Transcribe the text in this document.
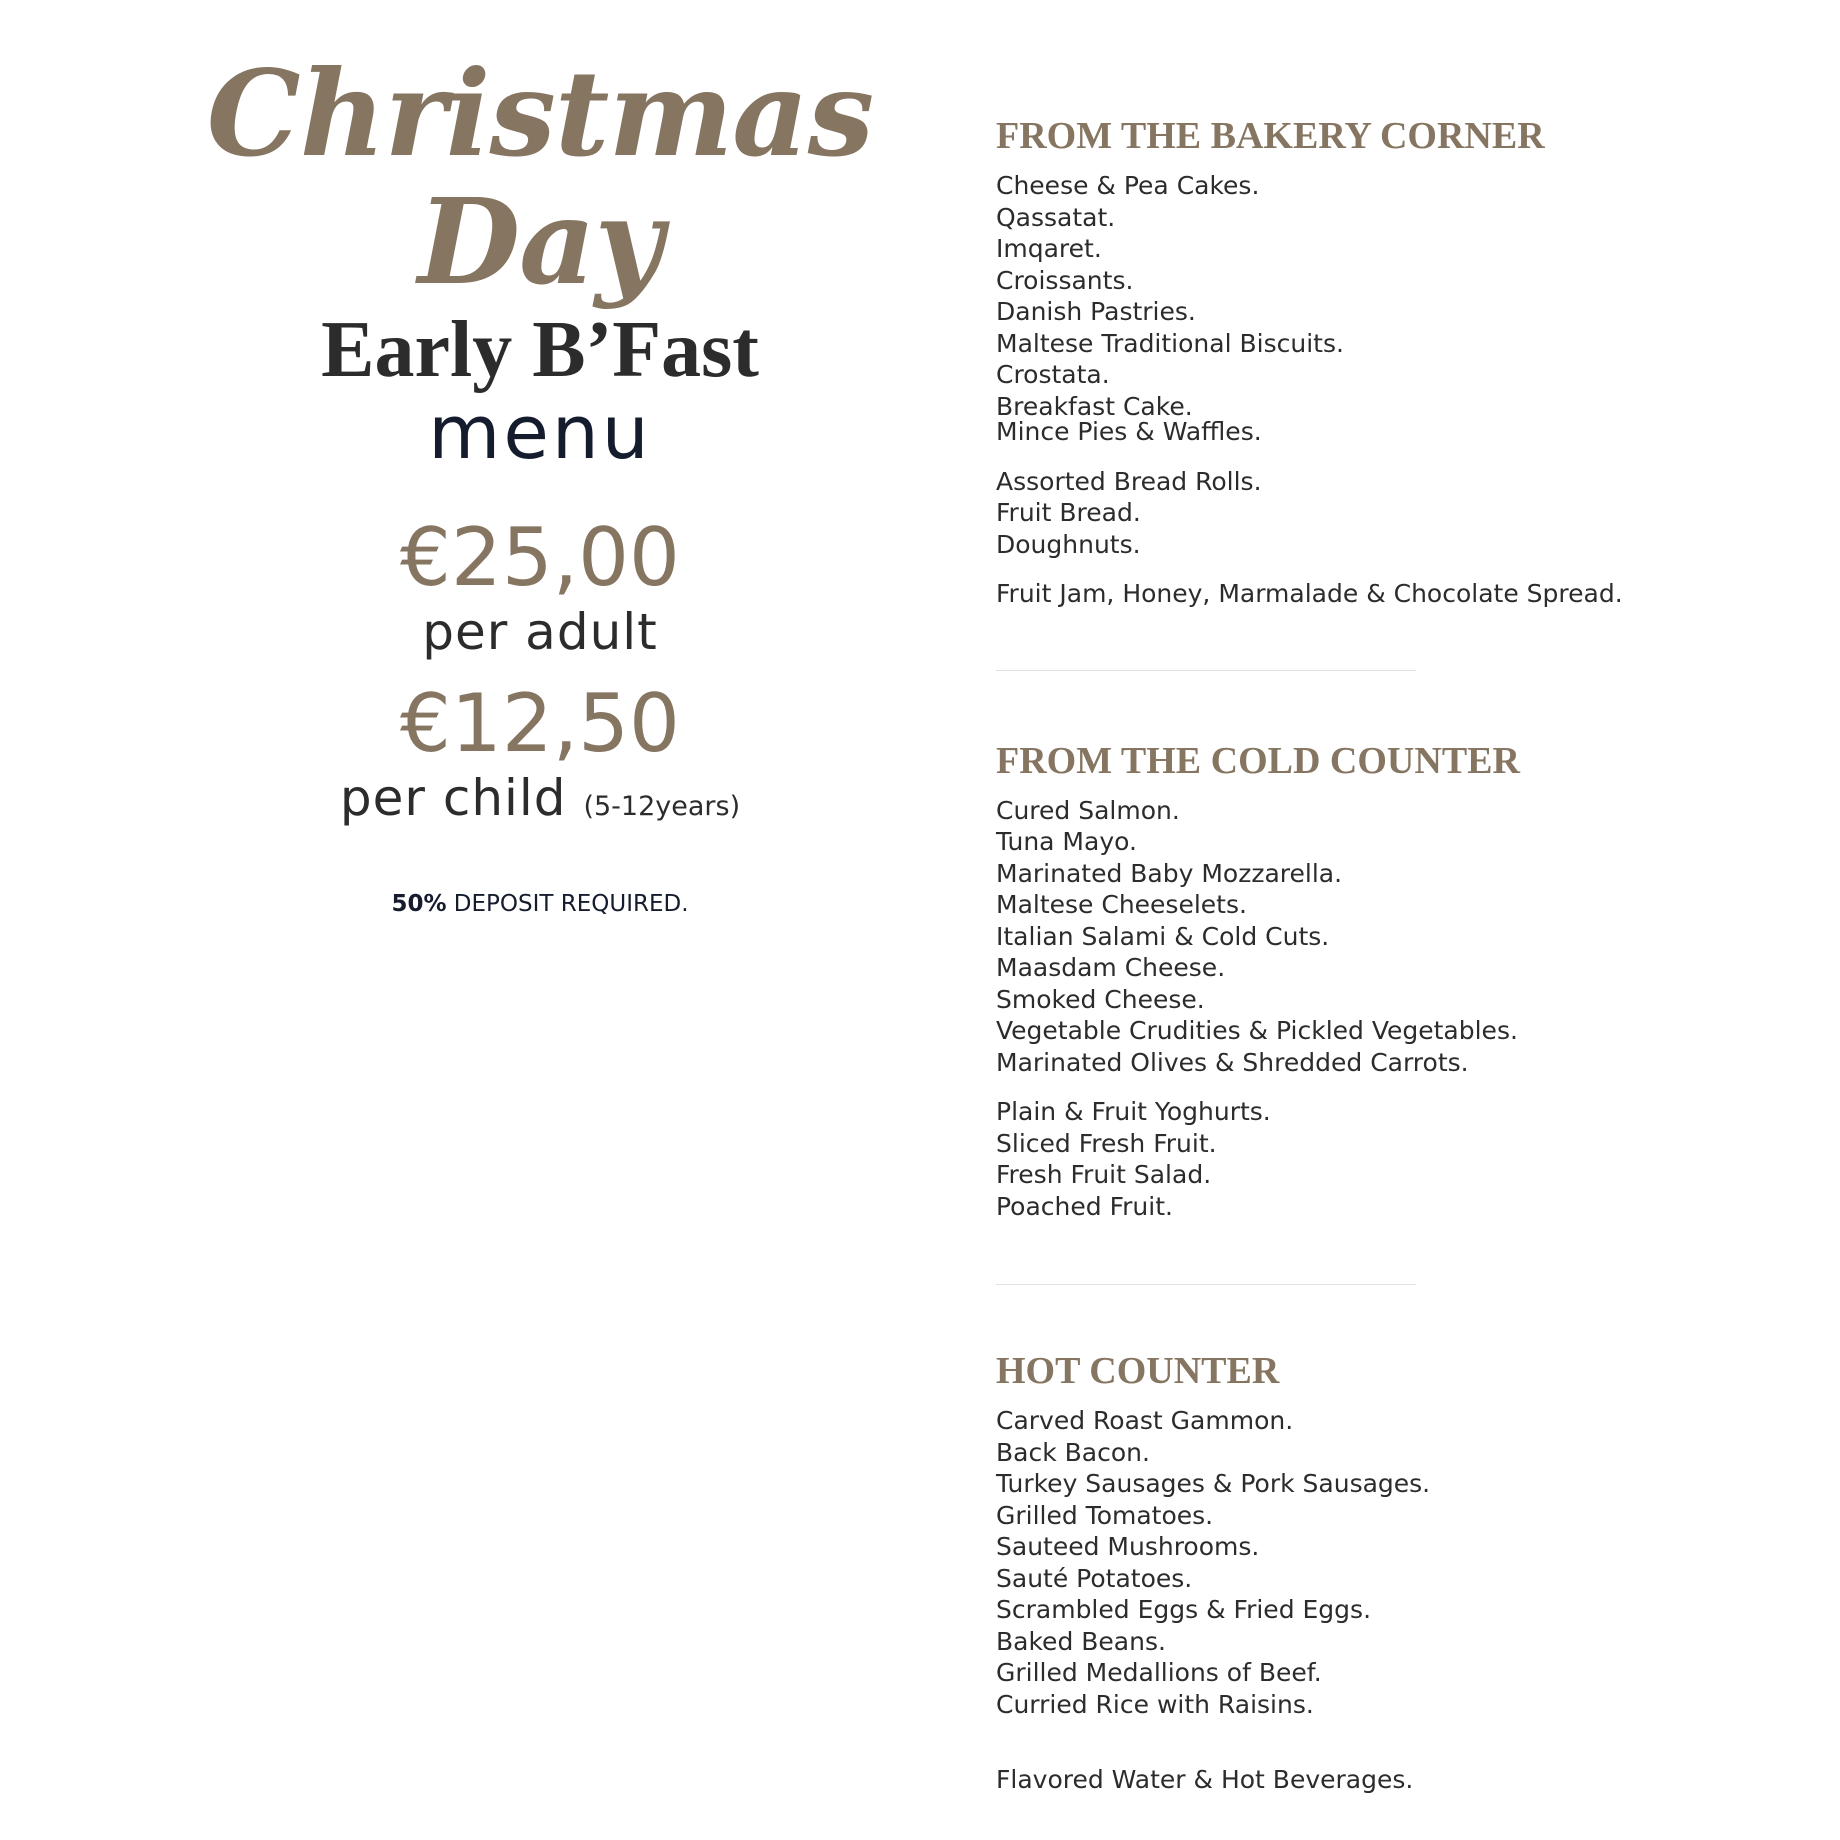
Christmas
Day
Early B’Fast
menu
€25,00
per adult
€12,50
per child (5-12years)
50% DEPOSIT REQUIRED.
FROM THE BAKERY CORNER
Cheese & Pea Cakes.
Qassatat.
Imqaret.
Croissants.
Danish Pastries.
Maltese Traditional Biscuits.
Crostata.
Breakfast Cake.
Mince Pies & Waffles.
Assorted Bread Rolls.
Fruit Bread.
Doughnuts.
Fruit Jam, Honey, Marmalade & Chocolate Spread.
FROM THE COLD COUNTER
Cured Salmon.
Tuna Mayo.
Marinated Baby Mozzarella.
Maltese Cheeselets.
Italian Salami & Cold Cuts.
Maasdam Cheese.
Smoked Cheese.
Vegetable Crudities & Pickled Vegetables.
Marinated Olives & Shredded Carrots.
Plain & Fruit Yoghurts.
Sliced Fresh Fruit.
Fresh Fruit Salad.
Poached Fruit.
HOT COUNTER
Carved Roast Gammon.
Back Bacon.
Turkey Sausages & Pork Sausages.
Grilled Tomatoes.
Sauteed Mushrooms.
Sauté Potatoes.
Scrambled Eggs & Fried Eggs.
Baked Beans.
Grilled Medallions of Beef.
Curried Rice with Raisins.
Flavored Water & Hot Beverages.
